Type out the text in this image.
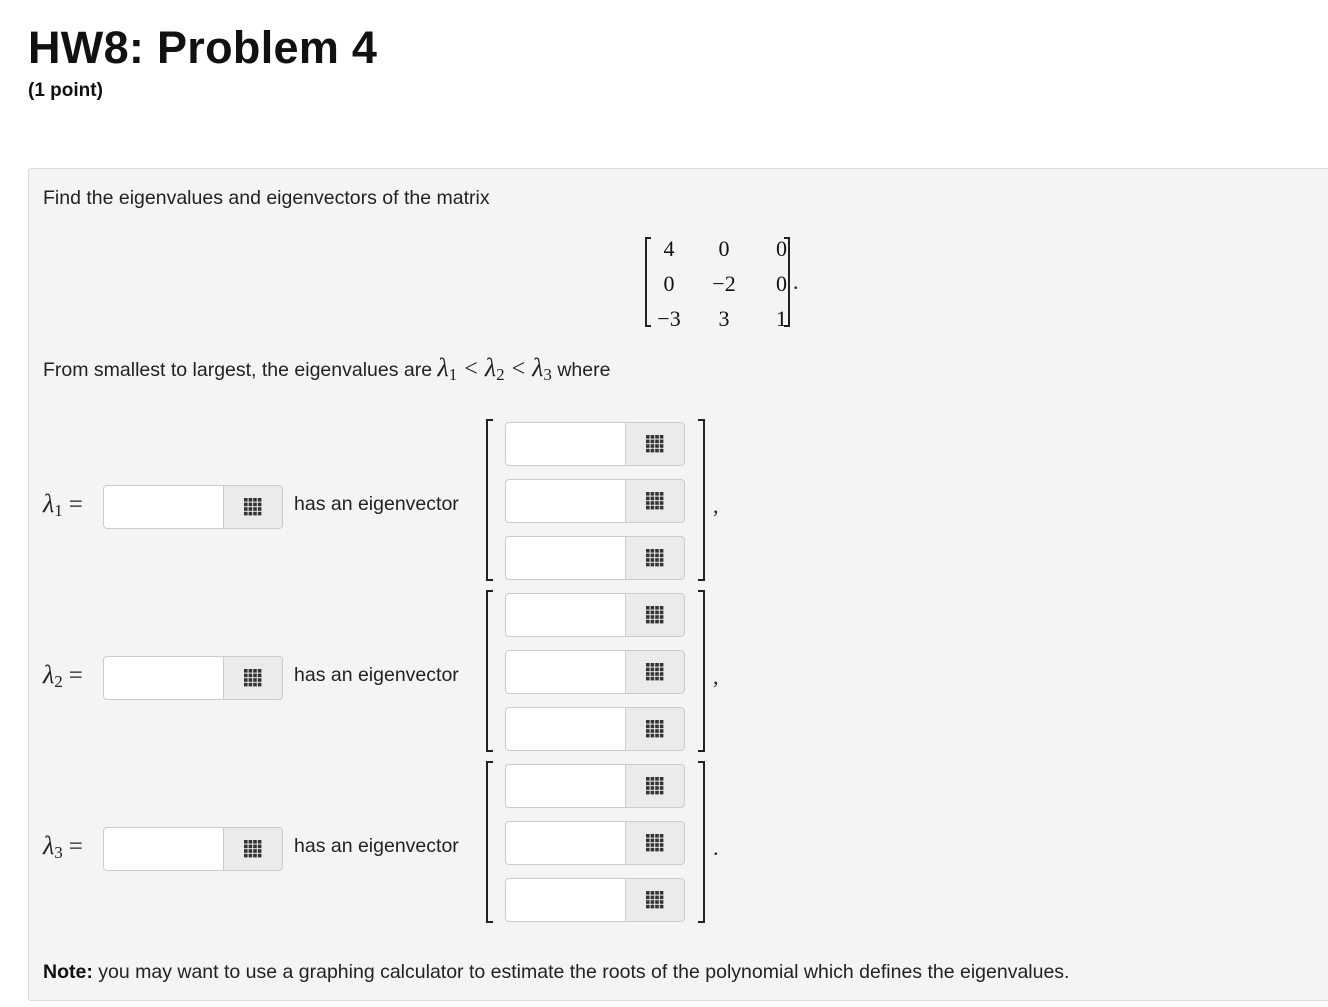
HW8: Problem 4
(1 point)
Find the eigenvalues and eigenvectors of the matrix
4	0	0
0	−2	0
−3	3	1
.
From smallest to largest, the eigenvalues are $\lambda_1 < \lambda_2 < \lambda_3$ where
$\lambda_1$ =	has an eigenvector	,
$\lambda_2$ =	has an eigenvector	,
$\lambda_3$ =	has an eigenvector	.
Note: you may want to use a graphing calculator to estimate the roots of the polynomial which defines the eigenvalues.
